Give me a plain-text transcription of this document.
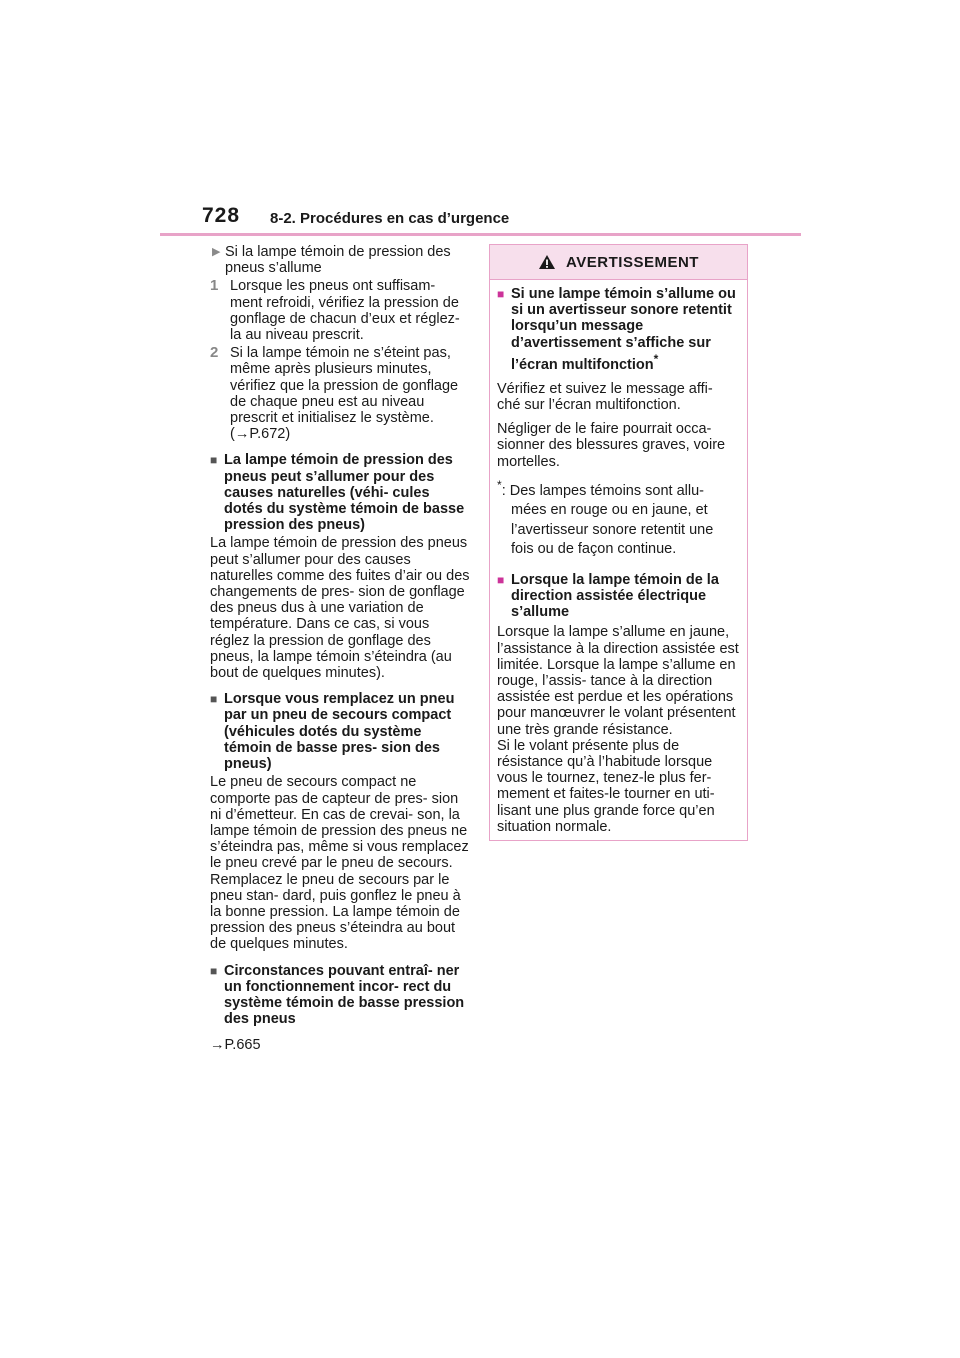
728 8-2. Procédures en cas d’urgence
▶ Si la lampe témoin de pression des pneus s’allume

1 Lorsque les pneus ont suffisam- ment refroidi, vérifiez la pression de gonflage de chacun d’eux et réglez-la au niveau prescrit.

2 Si la lampe témoin ne s’éteint pas, même après plusieurs minutes, vérifiez que la pression de gonflage de chaque pneu est au niveau prescrit et initialisez le système. (→P.672)

■ La lampe témoin de pression des pneus peut s’allumer pour des causes naturelles (véhi- cules dotés du système témoin de basse pression des pneus)

La lampe témoin de pression des pneus peut s’allumer pour des causes naturelles comme des fuites d’air ou des changements de pres- sion de gonflage des pneus dus à une variation de température. Dans ce cas, si vous réglez la pression de gonflage des pneus, la lampe témoin s’éteindra (au bout de quelques minutes).

■ Lorsque vous remplacez un pneu par un pneu de secours compact (véhicules dotés du système témoin de basse pres- sion des pneus)

Le pneu de secours compact ne comporte pas de capteur de pres- sion ni d’émetteur. En cas de crevai- son, la lampe témoin de pression des pneus ne s’éteindra pas, même si vous remplacez le pneu crevé par le pneu de secours. Remplacez le pneu de secours par le pneu stan- dard, puis gonflez le pneu à la bonne pression. La lampe témoin de pression des pneus s’éteindra au bout de quelques minutes.

■ Circonstances pouvant entraî- ner un fonctionnement incor- rect du système témoin de basse pression des pneus

→P.665

AVERTISSEMENT
■ Si une lampe témoin s’allume ou si un avertisseur sonore retentit lorsqu’un message d’avertissement s’affiche sur l’écran multifonction*

Vérifiez et suivez le message affi- ché sur l’écran multifonction.

Négliger de le faire pourrait occa- sionner des blessures graves, voire mortelles.

*: Des lampes témoins sont allu-
mées en rouge ou en jaune, et
l’avertisseur sonore retentit une
fois ou de façon continue.
■ Lorsque la lampe témoin de la direction assistée électrique s’allume

Lorsque la lampe s’allume en jaune, l’assistance à la direction assistée est limitée. Lorsque la lampe s’allume en rouge, l’assis- tance à la direction assistée est perdue et les opérations pour manœuvrer le volant présentent une très grande résistance.

Si le volant présente plus de résistance qu’à l’habitude lorsque vous le tournez, tenez-le plus fer- mement et faites-le tourner en uti- lisant une plus grande force qu’en situation normale.
